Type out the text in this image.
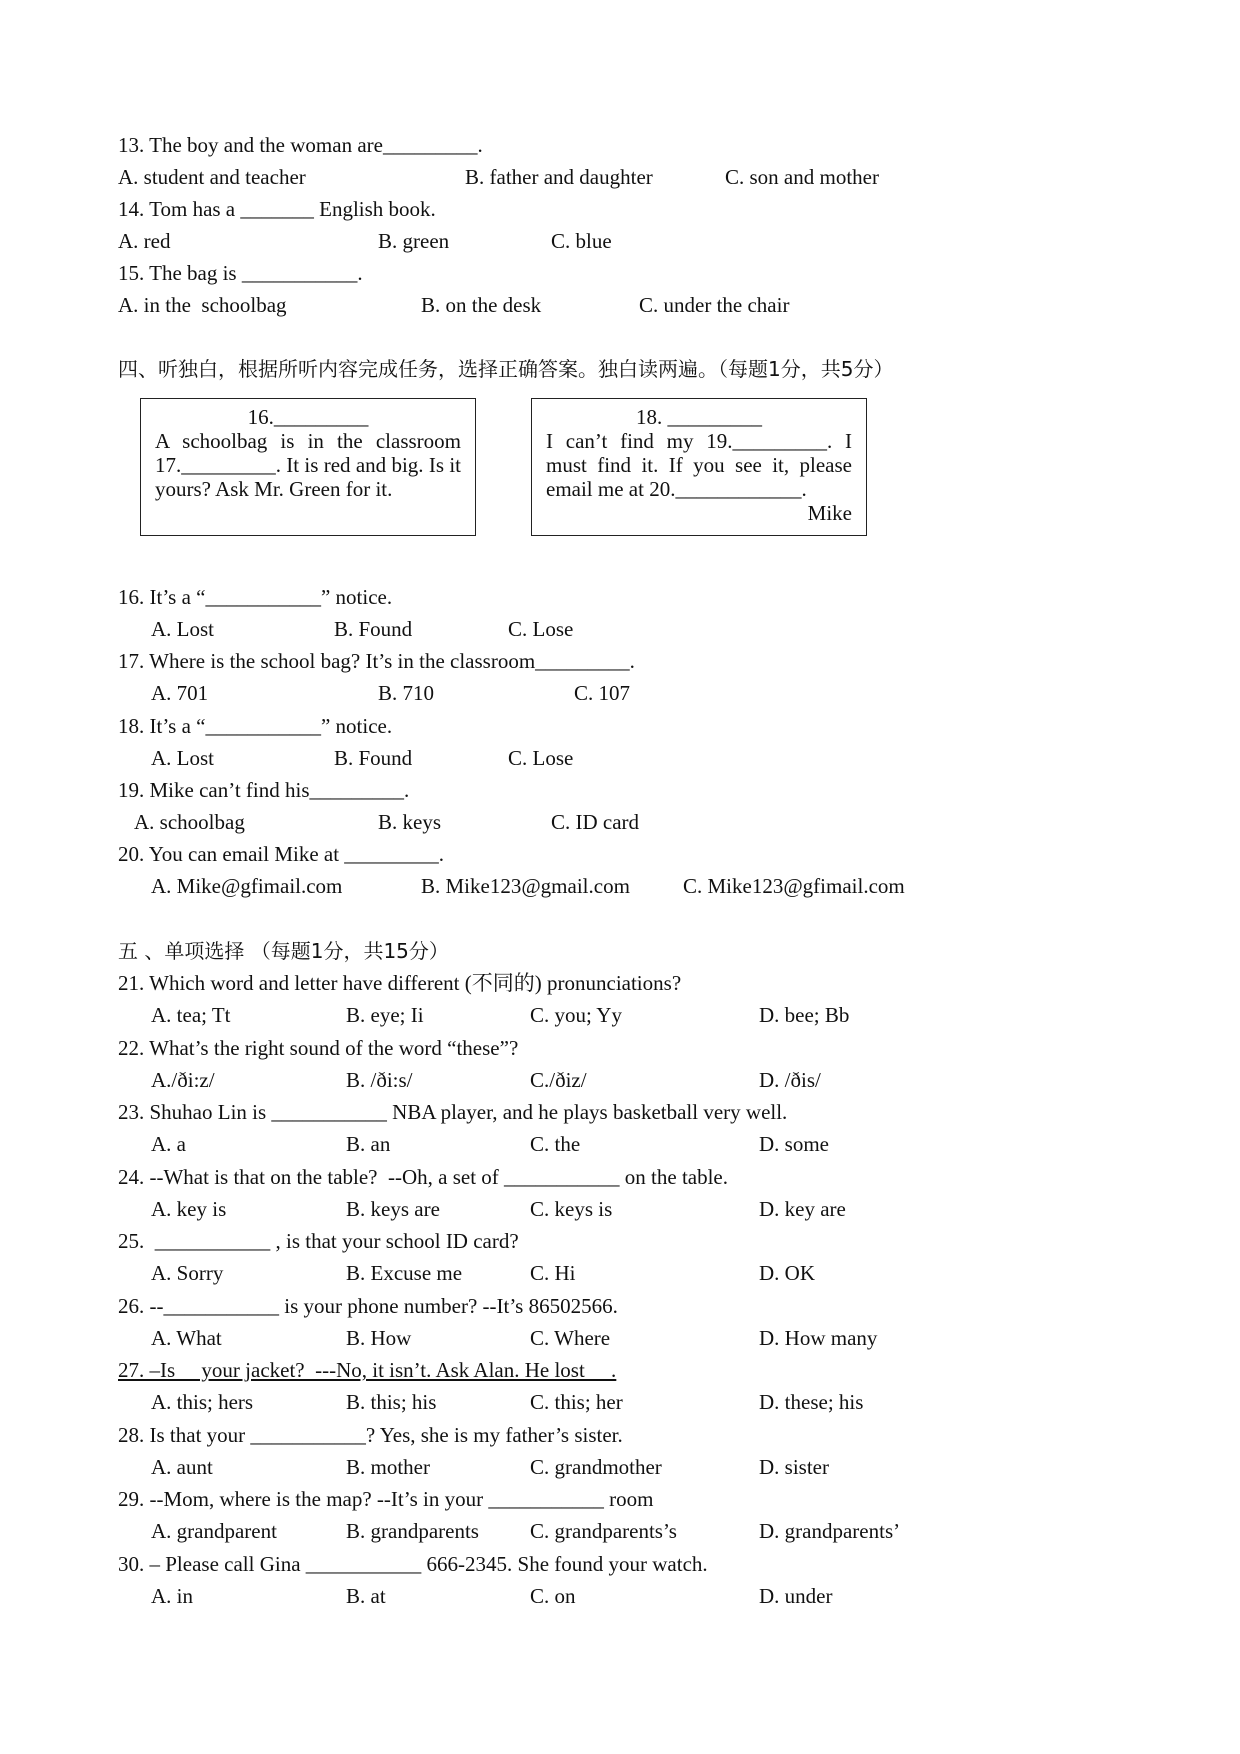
13. The boy and the woman are_________.
A. student and teacher	B. father and daughter	C. son and mother
14. Tom has a _______ English book.
A. red	B. green	C. blue
15. The bag is ___________.
A. in the  schoolbag	B. on the desk	C. under the chair
四、听独白，根据所听内容完成任务，选择正确答案。独白读两遍。（每题1分，共5分）
16._________
A schoolbag is in the classroom 17._________. It is red and big. Is it yours? Ask Mr. Green for it.
18. _________
I can’t find my 19._________. I must find it. If you see it, please email me at 20.____________.
Mike
16. It’s a “___________” notice.
A. Lost	B. Found	C. Lose
17. Where is the school bag? It’s in the classroom_________.
A. 701	B. 710	C. 107
18. It’s a “___________” notice.
A. Lost	B. Found	C. Lose
19. Mike can’t find his_________.
A. schoolbag	B. keys	C. ID card
20. You can email Mike at _________.
A. Mike@gfimail.com	B. Mike123@gmail.com	C. Mike123@gfimail.com
五 、单项选择 （每题1分，共15分）
21. Which word and letter have different (不同的) pronunciations?
A. tea; Tt	B. eye; Ii	C. you; Yy	D. bee; Bb
22. What’s the right sound of the word “these”?
A./ði:z/	B. /ði:s/	C./ðiz/	D. /ðis/
23. Shuhao Lin is ___________ NBA player, and he plays basketball very well.
A. a	B. an	C. the	D. some
24. --What is that on the table?  --Oh, a set of ___________ on the table.
A. key is	B. keys are	C. keys is	D. key are
25.  ___________ , is that your school ID card?
A. Sorry	B. Excuse me	C. Hi	D. OK
26. --___________ is your phone number? --It’s 86502566.
A. What	B. How	C. Where	D. How many
27. –Is     your jacket?  ---No, it isn’t. Ask Alan. He lost     .
A. this; hers	B. this; his	C. this; her	D. these; his
28. Is that your ___________? Yes, she is my father’s sister.
A. aunt	B. mother	C. grandmother	D. sister
29. --Mom, where is the map? --It’s in your ___________ room
A. grandparent	B. grandparents C. grandparents’s	D. grandparents’
30. – Please call Gina ___________ 666-2345. She found your watch.
A. in	B. at	C. on	D. under
